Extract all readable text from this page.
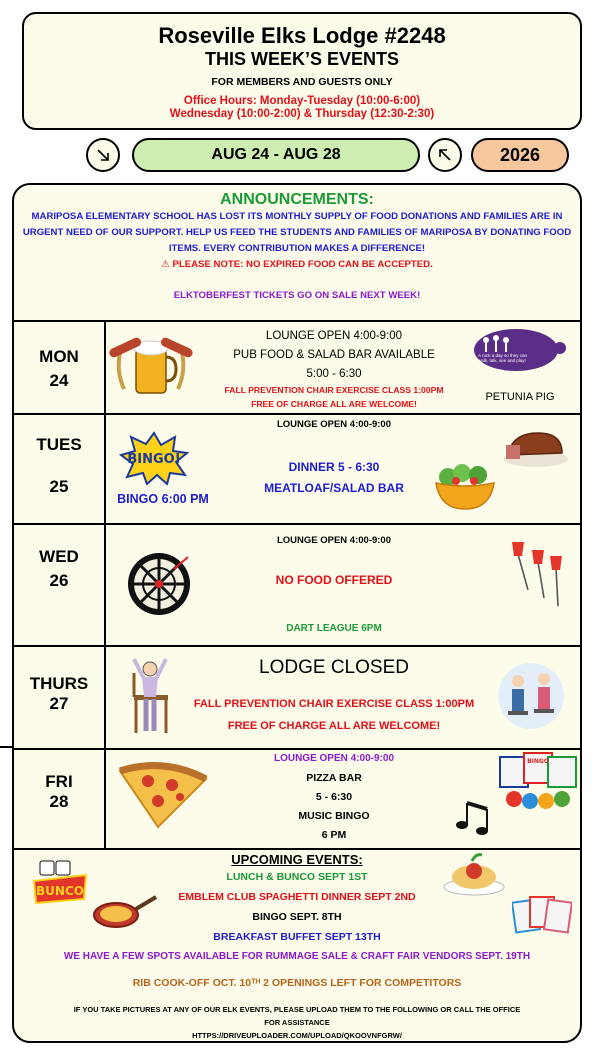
Roseville Elks Lodge #2248
THIS WEEK’S EVENTS
FOR MEMBERS AND GUESTS ONLY
Office Hours: Monday-Tuesday (10:00-6:00)
Wednesday (10:00-2:00) & Thursday (12:30-2:30)
AUG 24 - AUG 28	2026
ANNOUNCEMENTS:
MARIPOSA ELEMENTARY SCHOOL HAS LOST ITS MONTHLY SUPPLY OF FOOD DONATIONS AND FAMILIES ARE IN URGENT NEED OF OUR SUPPORT. HELP US FEED THE STUDENTS AND FAMILIES OF MARIPOSA BY DONATING FOOD ITEMS. EVERY CONTRIBUTION MAKES A DIFFERENCE!
⚠ PLEASE NOTE: NO EXPIRED FOOD CAN BE ACCEPTED.
ELKTOBERFEST TICKETS GO ON SALE NEXT WEEK!
MON
24
LOUNGE OPEN 4:00-9:00
PUB FOOD & SALAD BAR AVAILABLE
5:00 - 6:30
FALL PREVENTION CHAIR EXERCISE CLASS 1:00PM
FREE OF CHARGE ALL ARE WELCOME!
A rock a day so they can walk, talk, see and play!
PETUNIA PIG
TUES
25
BINGO!
BINGO 6:00 PM
LOUNGE OPEN 4:00-9:00
DINNER 5 - 6:30
MEATLOAF/SALAD BAR
WED
26
LOUNGE OPEN 4:00-9:00
NO FOOD OFFERED
DART LEAGUE 6PM
THURS
27
LODGE CLOSED
FALL PREVENTION CHAIR EXERCISE CLASS 1:00PM
FREE OF CHARGE ALL ARE WELCOME!
FRI
28
LOUNGE OPEN 4:00-9:00
PIZZA BAR
5 - 6:30
MUSIC BINGO
6 PM
BINGO
UPCOMING EVENTS:
LUNCH & BUNCO SEPT 1ST
EMBLEM CLUB SPAGHETTI DINNER SEPT 2ND
BINGO SEPT. 8TH
BREAKFAST BUFFET SEPT 13TH
WE HAVE A FEW SPOTS AVAILABLE FOR RUMMAGE SALE & CRAFT FAIR VENDORS SEPT. 19TH
RIB COOK-OFF OCT. 10ᵀᴴ 2 OPENINGS LEFT FOR COMPETITORS
BUNCO
IF YOU TAKE PICTURES AT ANY OF OUR ELK EVENTS, PLEASE UPLOAD THEM TO THE FOLLOWING OR CALL THE OFFICE
FOR ASSISTANCE
HTTPS://DRIVEUPLOADER.COM/UPLOAD/QKOOVNFGRW/
